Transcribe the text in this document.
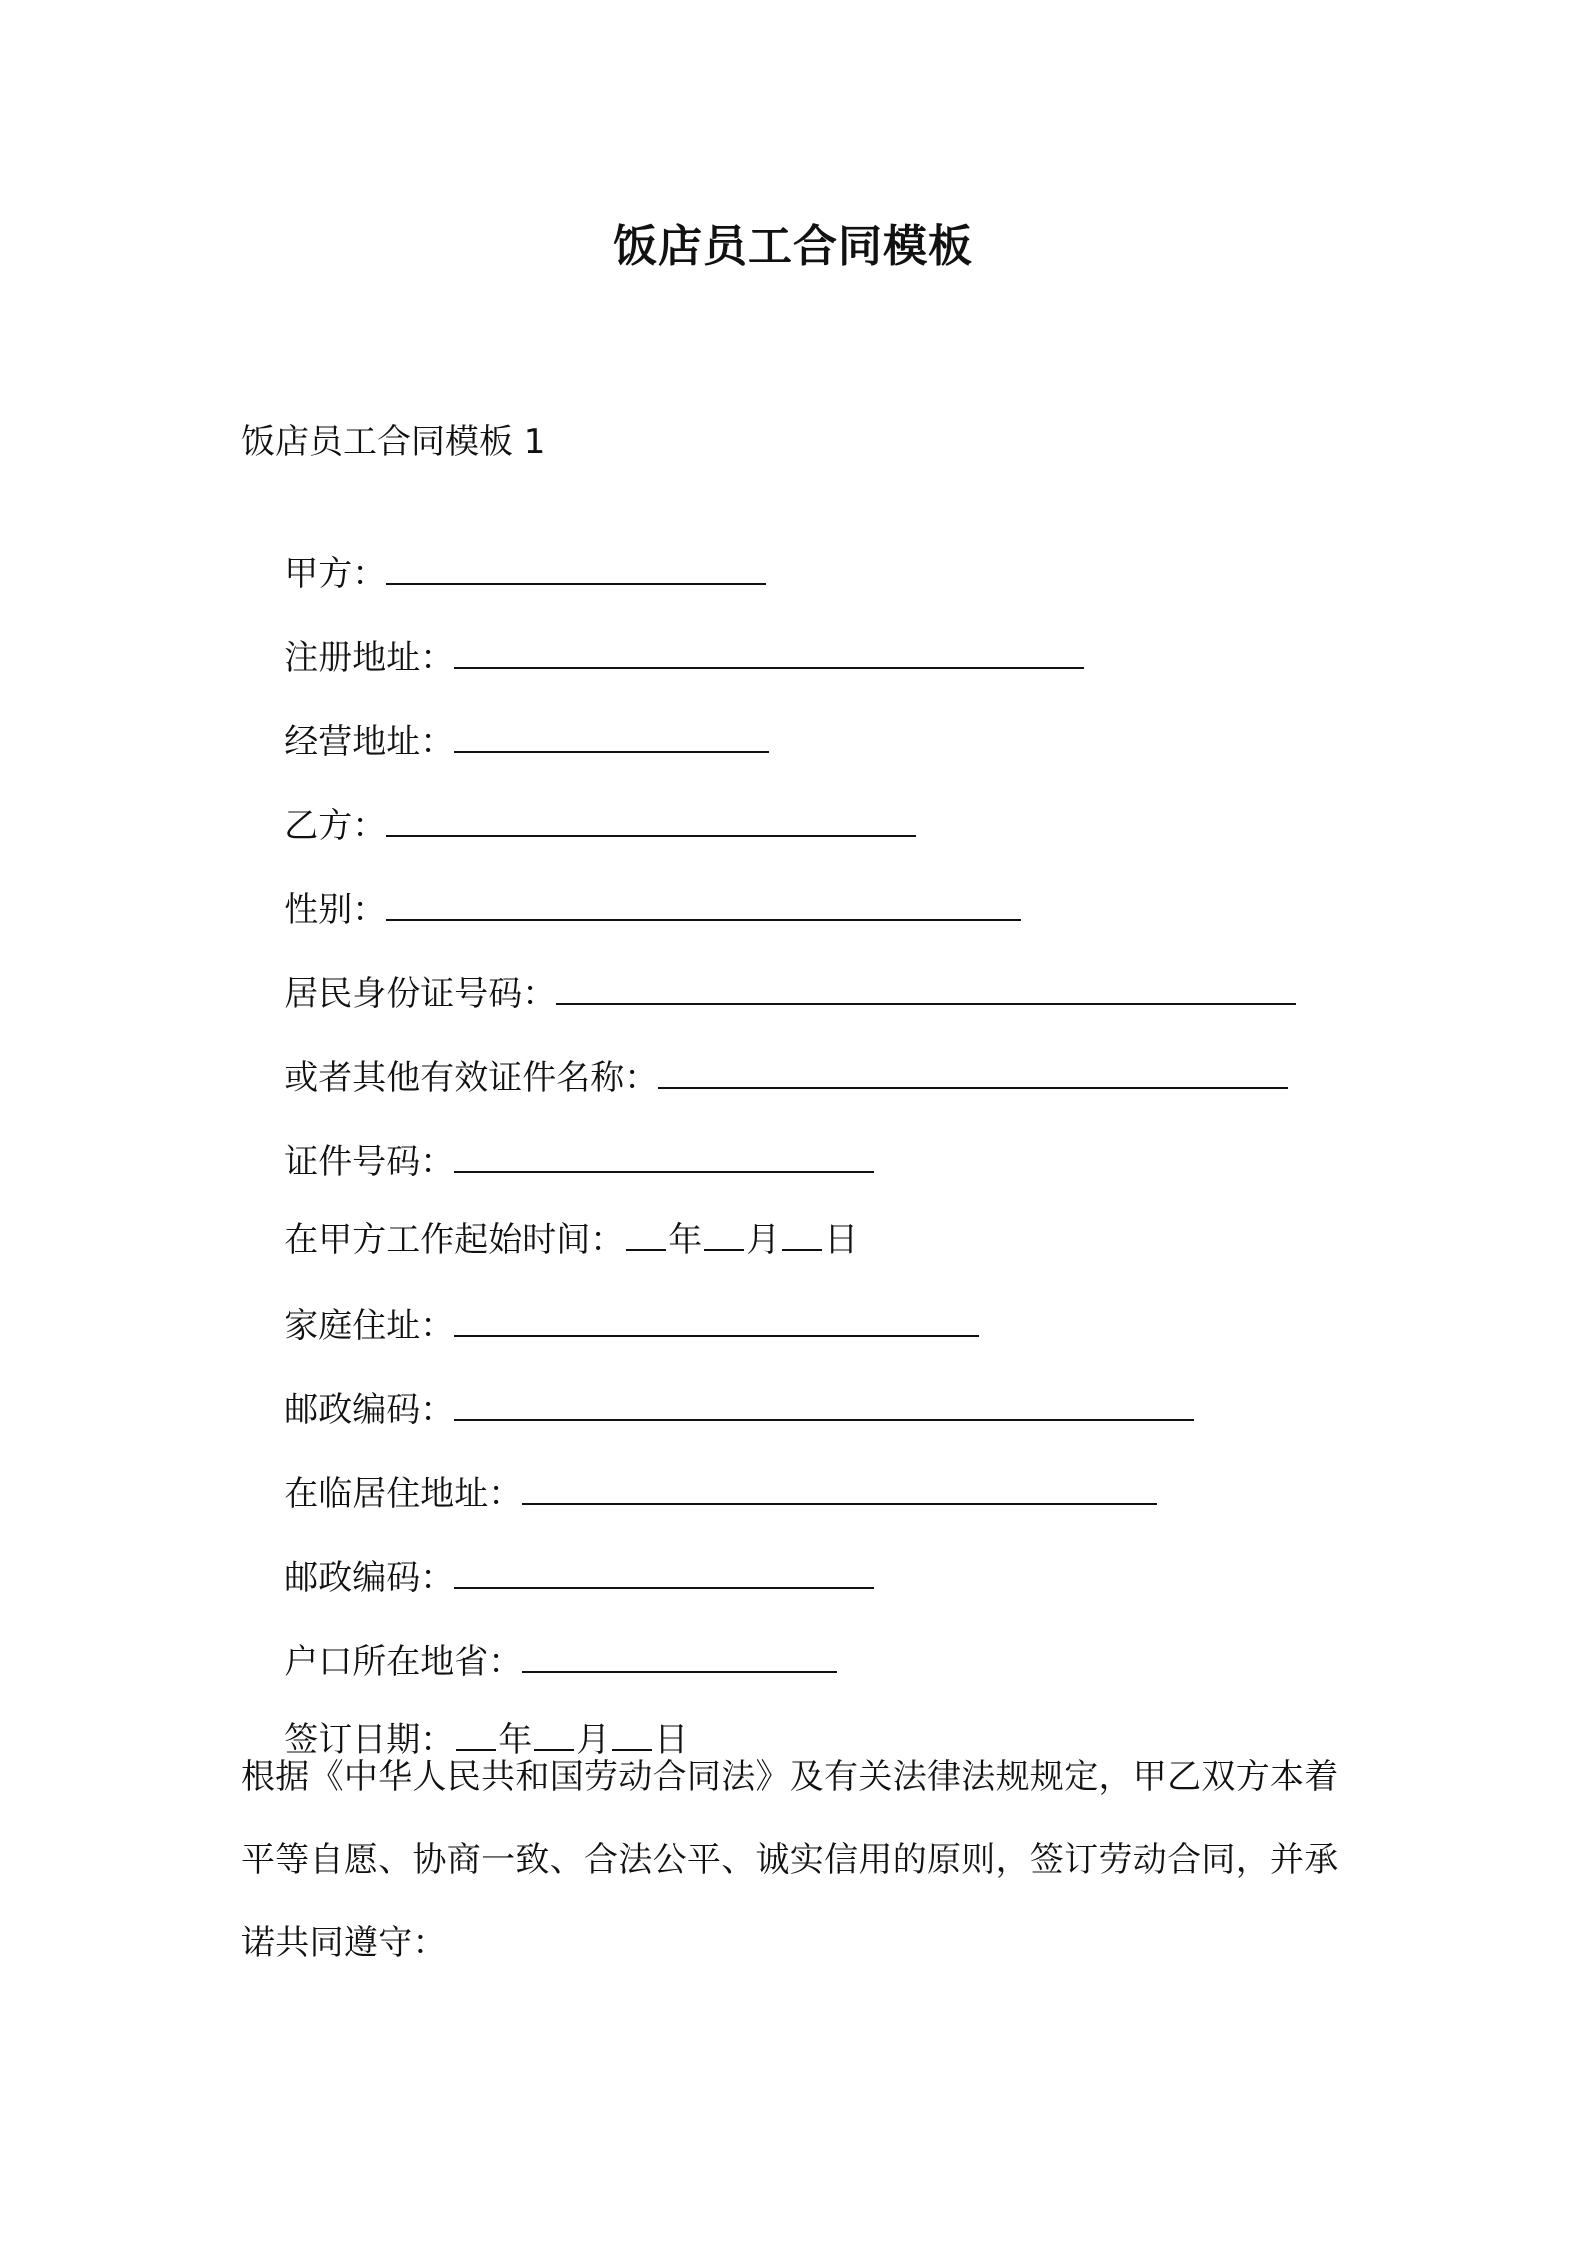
饭店员工合同模板
饭店员工合同模板 1

甲方：

注册地址：

经营地址：

乙方：

性别：

居民身份证号码：

或者其他有效证件名称：

证件号码：

在甲方工作起始时间： 年 月 日

家庭住址：

邮政编码：

在临居住地址：

邮政编码：

户口所在地省：

签订日期： 年 月 日

根据《中华人民共和国劳动合同法》及有关法律法规规定，甲乙双方本着平等自愿、协商一致、合法公平、诚实信用的原则，签订劳动合同，并承诺共同遵守：
